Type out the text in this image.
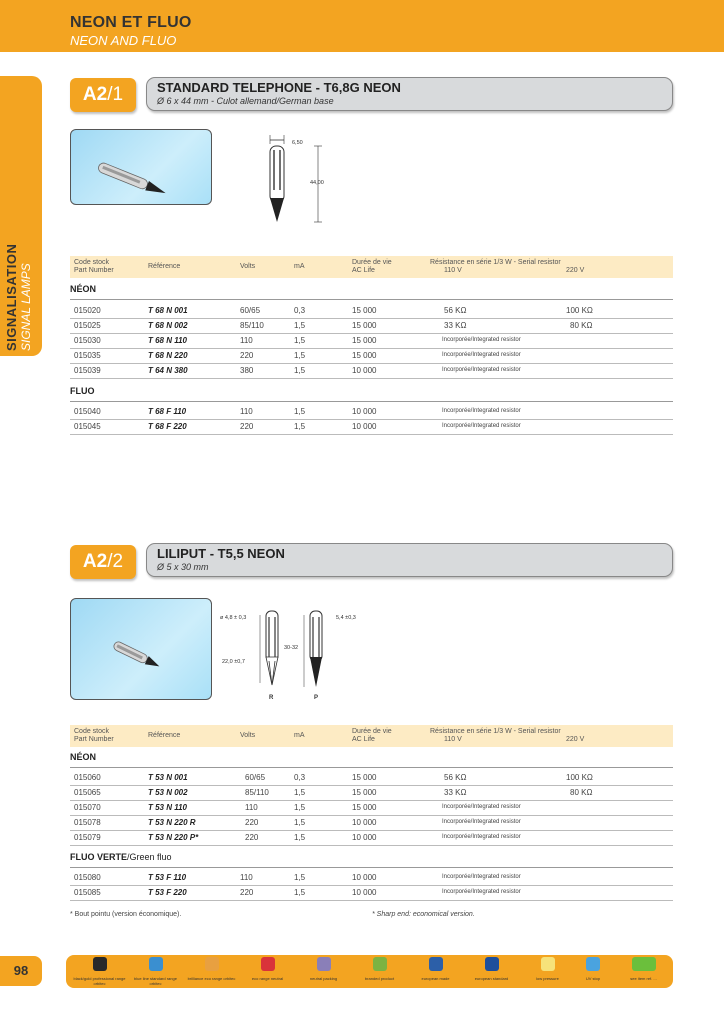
NEON ET FLUO
NEON AND FLUO
SIGNALISATION SIGNAL LAMPS
A2/1	STANDARD TELEPHONE - T6,8G NEON
Ø 6 x 44 mm - Culot allemand/German base
6,50
44,00
Code stock
Part Number
Référence	Volts	mA
Durée de vie
AC Life
Résistance en série 1/3 W - Serial resistor
110 V	220 V
NÉON
015020	T 68 N 001	60/65	0,3	15 000	56 KΩ	100 KΩ
015025	T 68 N 002	85/110	1,5	15 000	33 KΩ	80 KΩ
015030	T 68 N 110	110	1,5	15 000	Incorporée/Integrated resistor
015035	T 68 N 220	220	1,5	15 000	Incorporée/Integrated resistor
015039	T 64 N 380	380	1,5	10 000	Incorporée/Integrated resistor
FLUO
015040	T 68 F 110	110	1,5	10 000	Incorporée/Integrated resistor
015045	T 68 F 220	220	1,5	10 000	Incorporée/Integrated resistor
A2/2	LILIPUT - T5,5 NEON
Ø 5 x 30 mm
ø 4,8 ± 0,3	5,4 ±0,3
R	P
30-32
22,0 ±0,7
Code stock
Part Number
Référence	Volts	mA
Durée de vie
AC Life
Résistance en série 1/3 W - Serial resistor
110 V	220 V
NÉON
015060	T 53 N 001	60/65	0,3	15 000	56 KΩ	100 KΩ
015065	T 53 N 002	85/110	1,5	15 000	33 KΩ	80 KΩ
015070	T 53 N 110	110	1,5	15 000	Incorporée/Integrated resistor
015078	T 53 N 220 R	220	1,5	10 000	Incorporée/Integrated resistor
015079	T 53 N 220 P*	220	1,5	10 000	Incorporée/Integrated resistor
FLUO VERTE/Green fluo
015080	T 53 F 110	110	1,5	10 000	Incorporée/Integrated resistor
015085	T 53 F 220	220	1,5	10 000	Incorporée/Integrated resistor
* Bout pointu (version économique).	* Sharp end: economical version.
98
black/gold professional range orbitec
blue line standard range orbitec
brilliance eco range orbitec	eco range neutral	neutral packing	branded product	european made	european standard	low pressure	UV stop	see item ref. ...
